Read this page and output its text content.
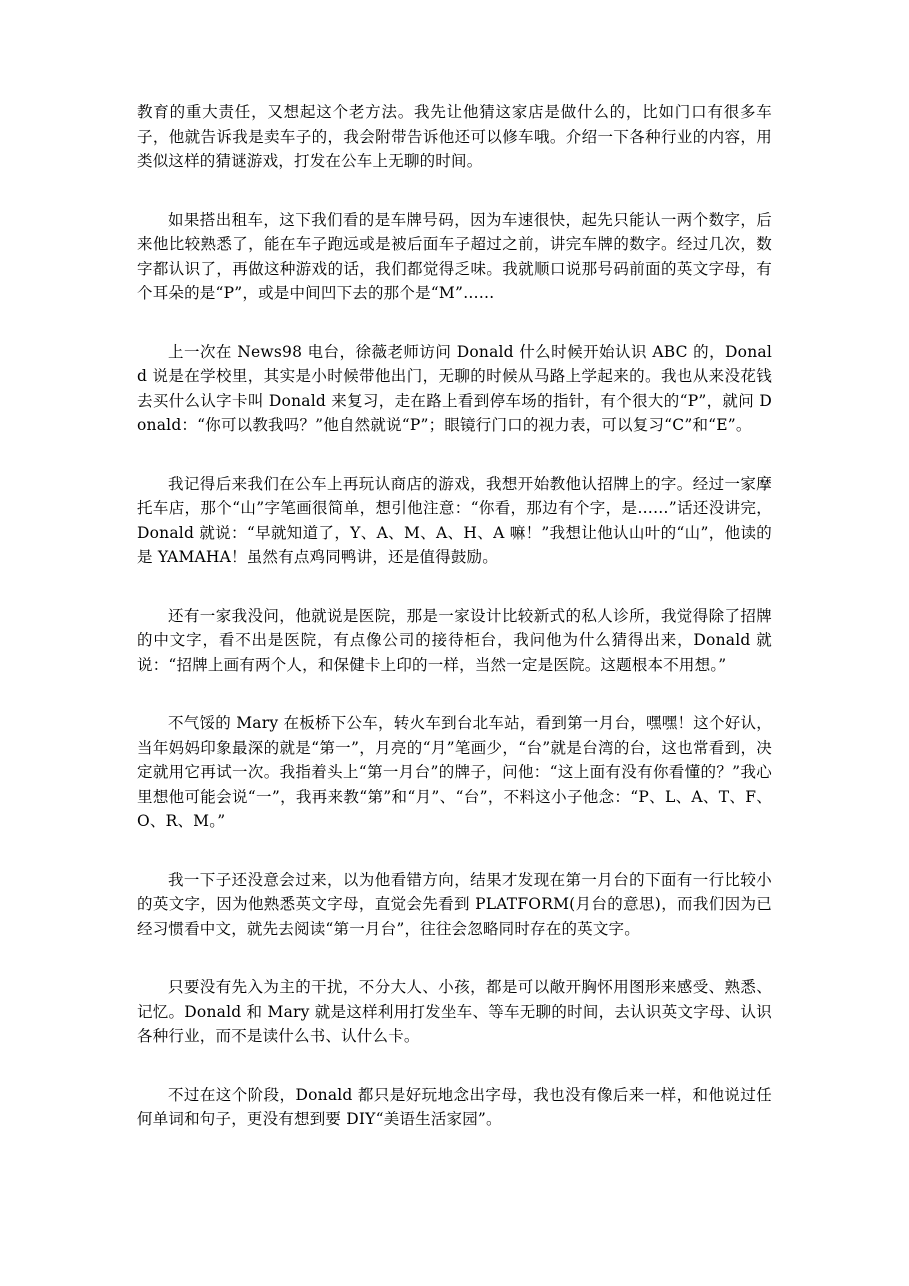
教育的重大责任，又想起这个老方法。我先让他猜这家店是做什么的，比如门口有很多车子，他就告诉我是卖车子的，我会附带告诉他还可以修车哦。介绍一下各种行业的内容，用类似这样的猜谜游戏，打发在公车上无聊的时间。

如果搭出租车，这下我们看的是车牌号码，因为车速很快，起先只能认一两个数字，后来他比较熟悉了，能在车子跑远或是被后面车子超过之前，讲完车牌的数字。经过几次，数字都认识了，再做这种游戏的话，我们都觉得乏味。我就顺口说那号码前面的英文字母，有个耳朵的是“P”，或是中间凹下去的那个是“M”……

上一次在 News98 电台，徐薇老师访问 Donald 什么时候开始认识 ABC 的，Donald 说是在学校里，其实是小时候带他出门，无聊的时候从马路上学起来的。我也从来没花钱去买什么认字卡叫 Donald 来复习，走在路上看到停车场的指针，有个很大的“P”，就问 Donald：“你可以教我吗？”他自然就说“P”；眼镜行门口的视力表，可以复习“C”和“E”。

我记得后来我们在公车上再玩认商店的游戏，我想开始教他认招牌上的字。经过一家摩托车店，那个“山”字笔画很简单，想引他注意：“你看，那边有个字，是……”话还没讲完，Donald 就说：“早就知道了，Y、A、M、A、H、A 嘛！”我想让他认山叶的“山”，他读的是 YAMAHA！虽然有点鸡同鸭讲，还是值得鼓励。

还有一家我没问，他就说是医院，那是一家设计比较新式的私人诊所，我觉得除了招牌的中文字，看不出是医院，有点像公司的接待柜台，我问他为什么猜得出来，Donald 就说：“招牌上画有两个人，和保健卡上印的一样，当然一定是医院。这题根本不用想。”

不气馁的 Mary 在板桥下公车，转火车到台北车站，看到第一月台，嘿嘿！这个好认，当年妈妈印象最深的就是“第一”，月亮的“月”笔画少，“台”就是台湾的台，这也常看到，决定就用它再试一次。我指着头上“第一月台”的牌子，问他：“这上面有没有你看懂的？”我心里想他可能会说“一”，我再来教“第”和“月”、“台”，不料这小子他念：“P、L、A、T、F、O、R、M。”

我一下子还没意会过来，以为他看错方向，结果才发现在第一月台的下面有一行比较小的英文字，因为他熟悉英文字母，直觉会先看到 PLATFORM(月台的意思)，而我们因为已经习惯看中文，就先去阅读“第一月台”，往往会忽略同时存在的英文字。

只要没有先入为主的干扰，不分大人、小孩，都是可以敞开胸怀用图形来感受、熟悉、记忆。Donald 和 Mary 就是这样利用打发坐车、等车无聊的时间，去认识英文字母、认识各种行业，而不是读什么书、认什么卡。

不过在这个阶段，Donald 都只是好玩地念出字母，我也没有像后来一样，和他说过任何单词和句子，更没有想到要 DIY“美语生活家园”。
